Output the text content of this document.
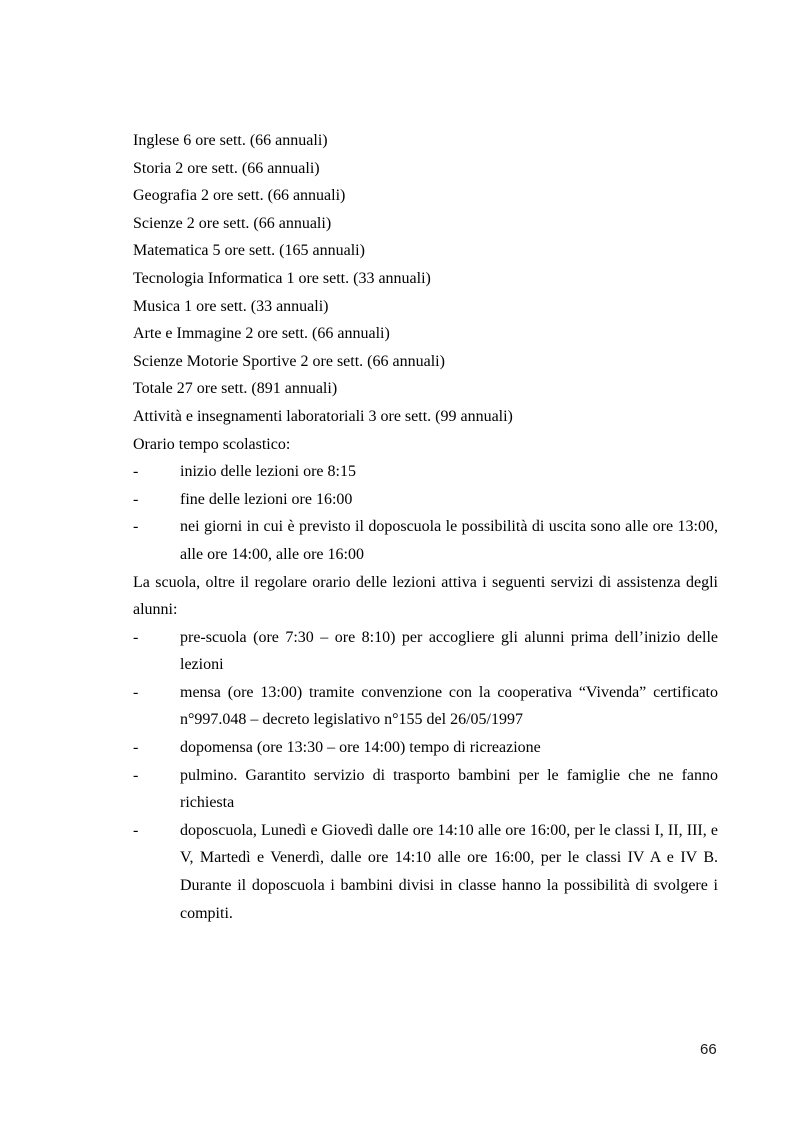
Inglese 6 ore sett. (66 annuali)

Storia 2 ore sett. (66 annuali)

Geografia 2 ore sett. (66 annuali)

Scienze 2 ore sett. (66 annuali)

Matematica 5 ore sett. (165 annuali)

Tecnologia Informatica 1 ore sett. (33 annuali)

Musica 1 ore sett. (33 annuali)

Arte e Immagine 2 ore sett. (66 annuali)

Scienze Motorie Sportive 2 ore sett. (66 annuali)

Totale 27 ore sett. (891 annuali)

Attività e insegnamenti laboratoriali 3 ore sett. (99 annuali)

Orario tempo scolastico:

-	inizio delle lezioni ore 8:15
-	fine delle lezioni ore 16:00
-	nei giorni in cui è previsto il doposcuola le possibilità di uscita sono alle ore 13:00, alle ore 14:00, alle ore 16:00

La scuola, oltre il regolare orario delle lezioni attiva i seguenti servizi di assistenza degli alunni:

-	pre-scuola (ore 7:30 – ore 8:10) per accogliere gli alunni prima dell’inizio delle lezioni
-	mensa (ore 13:00) tramite convenzione con la cooperativa “Vivenda” certificato n°997.048 – decreto legislativo n°155 del 26/05/1997
-	dopomensa (ore 13:30 – ore 14:00) tempo di ricreazione
-	pulmino. Garantito servizio di trasporto bambini per le famiglie che ne fanno richiesta
-	doposcuola, Lunedì e Giovedì dalle ore 14:10 alle ore 16:00, per le classi I, II, III, e V, Martedì e Venerdì, dalle ore 14:10 alle ore 16:00, per le classi IV A e IV B. Durante il doposcuola i bambini divisi in classe hanno la possibilità di svolgere i compiti.
66
